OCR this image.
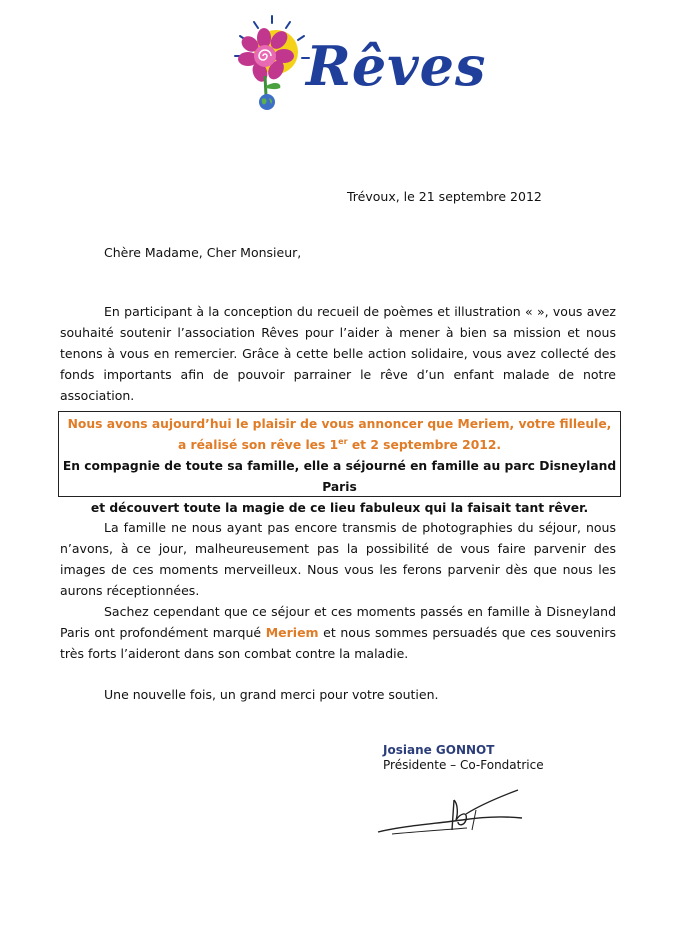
Rêves
Trévoux, le 21 septembre 2012
Chère Madame, Cher Monsieur,

En participant à la conception du recueil de poèmes et illustration « », vous avez souhaité soutenir l’association Rêves pour l’aider à mener à bien sa mission et nous tenons à vous en remercier. Grâce à cette belle action solidaire, vous avez collecté des fonds importants afin de pouvoir parrainer le rêve d’un enfant malade de notre association.

Nous avons aujourd’hui le plaisir de vous annoncer que Meriem, votre filleule,
a réalisé son rêve les 1er et 2 septembre 2012.
En compagnie de toute sa famille, elle a séjourné en famille au parc Disneyland Paris
et découvert toute la magie de ce lieu fabuleux qui la faisait tant rêver.

La famille ne nous ayant pas encore transmis de photographies du séjour, nous n’avons, à ce jour, malheureusement pas la possibilité de vous faire parvenir des images de ces moments merveilleux. Nous vous les ferons parvenir dès que nous les aurons réceptionnées.

Sachez cependant que ce séjour et ces moments passés en famille à Disneyland Paris ont profondément marqué Meriem et nous sommes persuadés que ces souvenirs très forts l’aideront dans son combat contre la maladie.

Une nouvelle fois, un grand merci pour votre soutien.

Josiane GONNOT
Présidente – Co-Fondatrice
